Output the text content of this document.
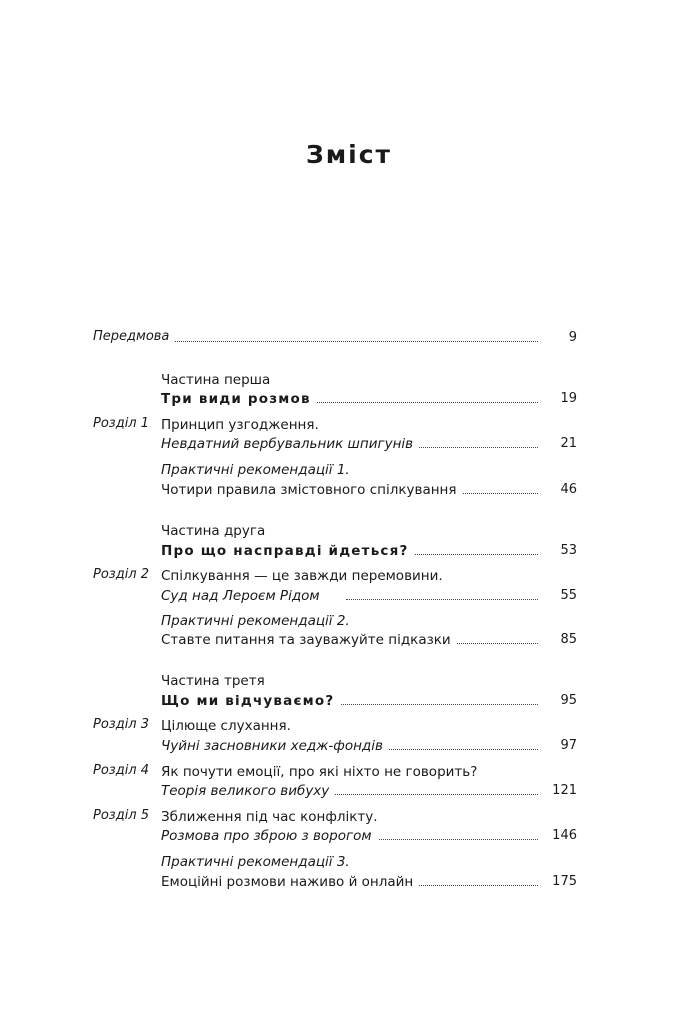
Зміст
Передмова	9
Частина перша
Три види розмов	19
Розділ 1 Принцип узгодження.
Невдатний вербувальник шпигунів	21
Практичні рекомендації 1.
Чотири правила змістовного спілкування	46
Частина друга
Про що насправді йдеться?	53
Розділ 2 Спілкування — це завжди перемовини.
Суд над Лероєм Рідом	55
Практичні рекомендації 2.
Ставте питання та зауважуйте підказки	85
Частина третя
Що ми відчуваємо?	95
Розділ 3 Цілюще слухання.
Чуйні засновники хедж-фондів	97
Розділ 4 Як почути емоції, про які ніхто не говорить?
Теорія великого вибуху	121
Розділ 5 Зближення під час конфлікту.
Розмова про зброю з ворогом	146
Практичні рекомендації 3.
Емоційні розмови наживо й онлайн	175
